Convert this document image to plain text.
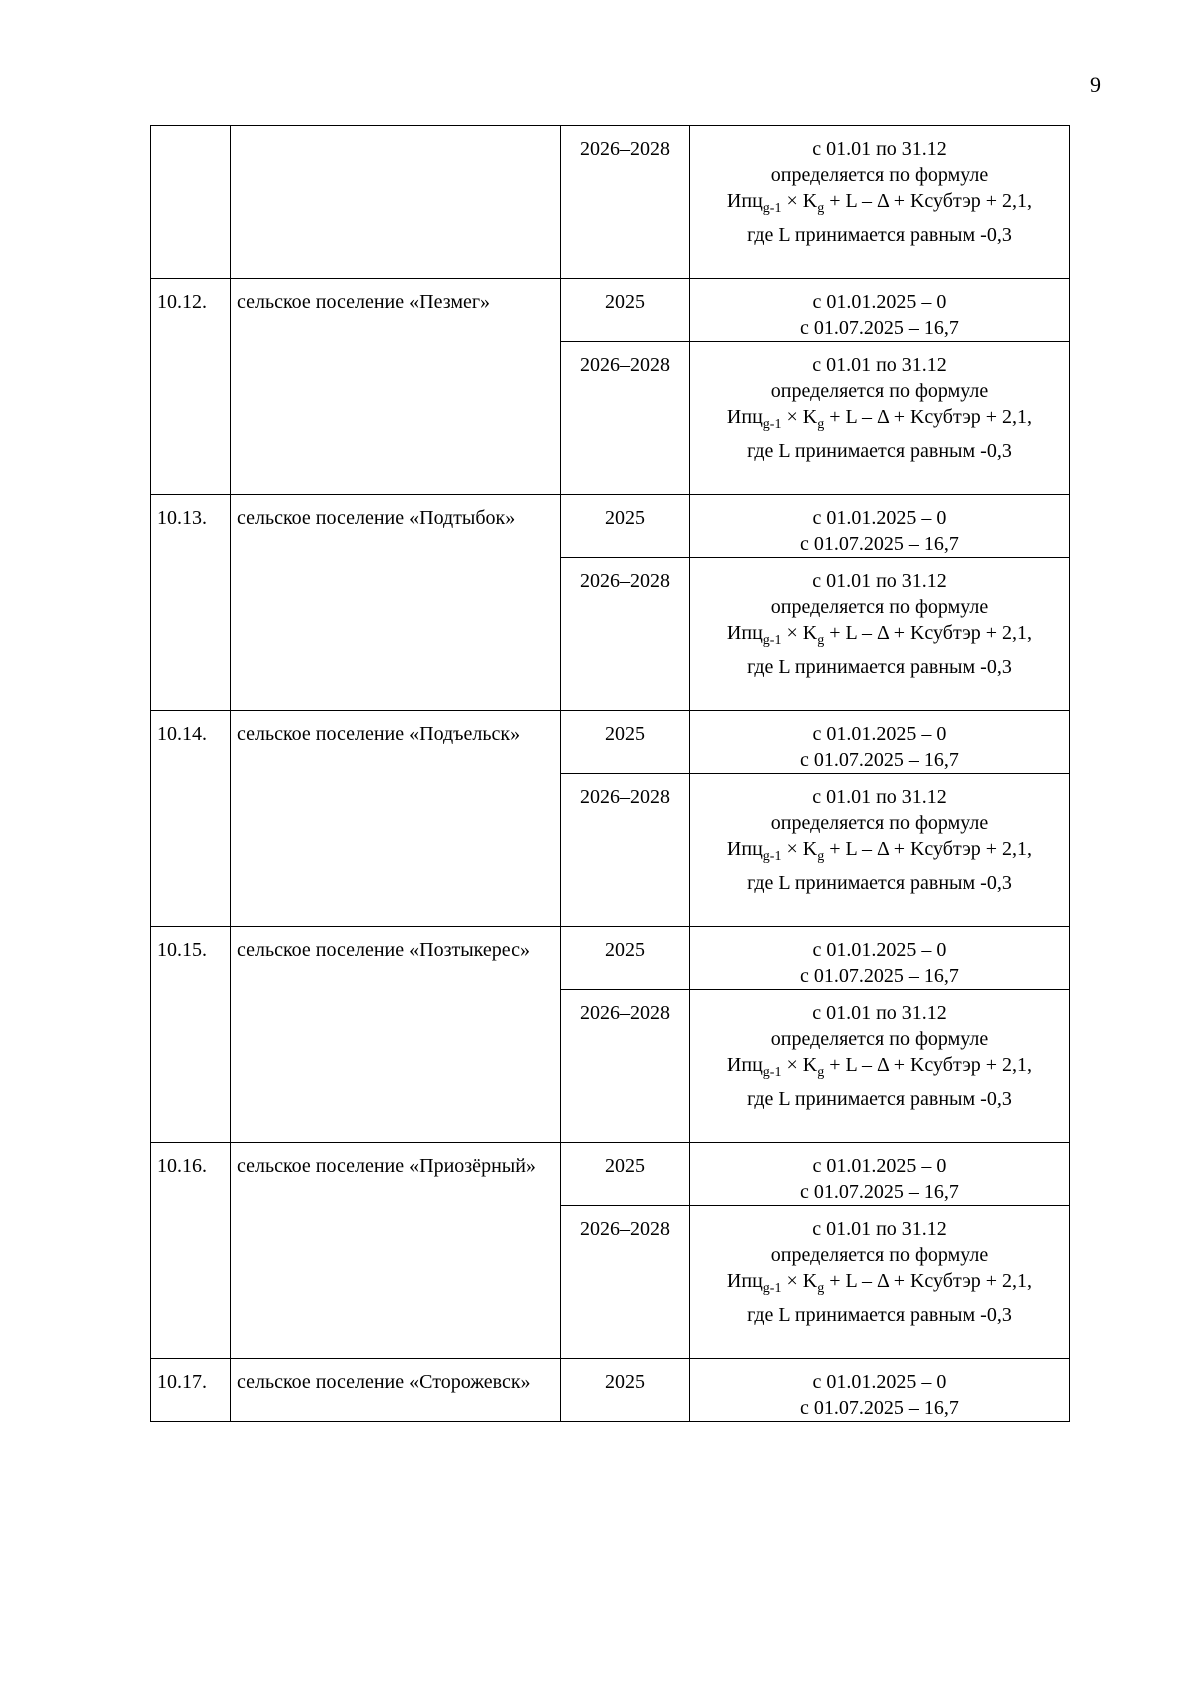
9
		2026–2028	с 01.01 по 31.12
определяется по формуле
$Ипц_{g-1} \times K_g + L - \Delta$ + Kсубтэр + 2,1,
где L принимается равным -0,3

10.12.	сельское поселение «Пезмег»	2025	с 01.01.2025 – 0
с 01.07.2025 – 16,7

		2026–2028	с 01.01 по 31.12
определяется по формуле
$Ипц_{g-1} \times K_g + L - \Delta$ + Kсубтэр + 2,1,
где L принимается равным -0,3

10.13.	сельское поселение «Подтыбок»	2025	с 01.01.2025 – 0
с 01.07.2025 – 16,7

		2026–2028	с 01.01 по 31.12
определяется по формуле
$Ипц_{g-1} \times K_g + L - \Delta$ + Kсубтэр + 2,1,
где L принимается равным -0,3

10.14.	сельское поселение «Подъельск»	2025	с 01.01.2025 – 0
с 01.07.2025 – 16,7

		2026–2028	с 01.01 по 31.12
определяется по формуле
$Ипц_{g-1} \times K_g + L - \Delta$ + Kсубтэр + 2,1,
где L принимается равным -0,3

10.15.	сельское поселение «Позтыкерес»	2025	с 01.01.2025 – 0
с 01.07.2025 – 16,7

		2026–2028	с 01.01 по 31.12
определяется по формуле
$Ипц_{g-1} \times K_g + L - \Delta$ + Kсубтэр + 2,1,
где L принимается равным -0,3

10.16.	сельское поселение «Приозёрный»	2025	с 01.01.2025 – 0
с 01.07.2025 – 16,7

		2026–2028	с 01.01 по 31.12
определяется по формуле
$Ипц_{g-1} \times K_g + L - \Delta$ + Kсубтэр + 2,1,
где L принимается равным -0,3

10.17.	сельское поселение «Сторожевск»	2025	с 01.01.2025 – 0
с 01.07.2025 – 16,7
